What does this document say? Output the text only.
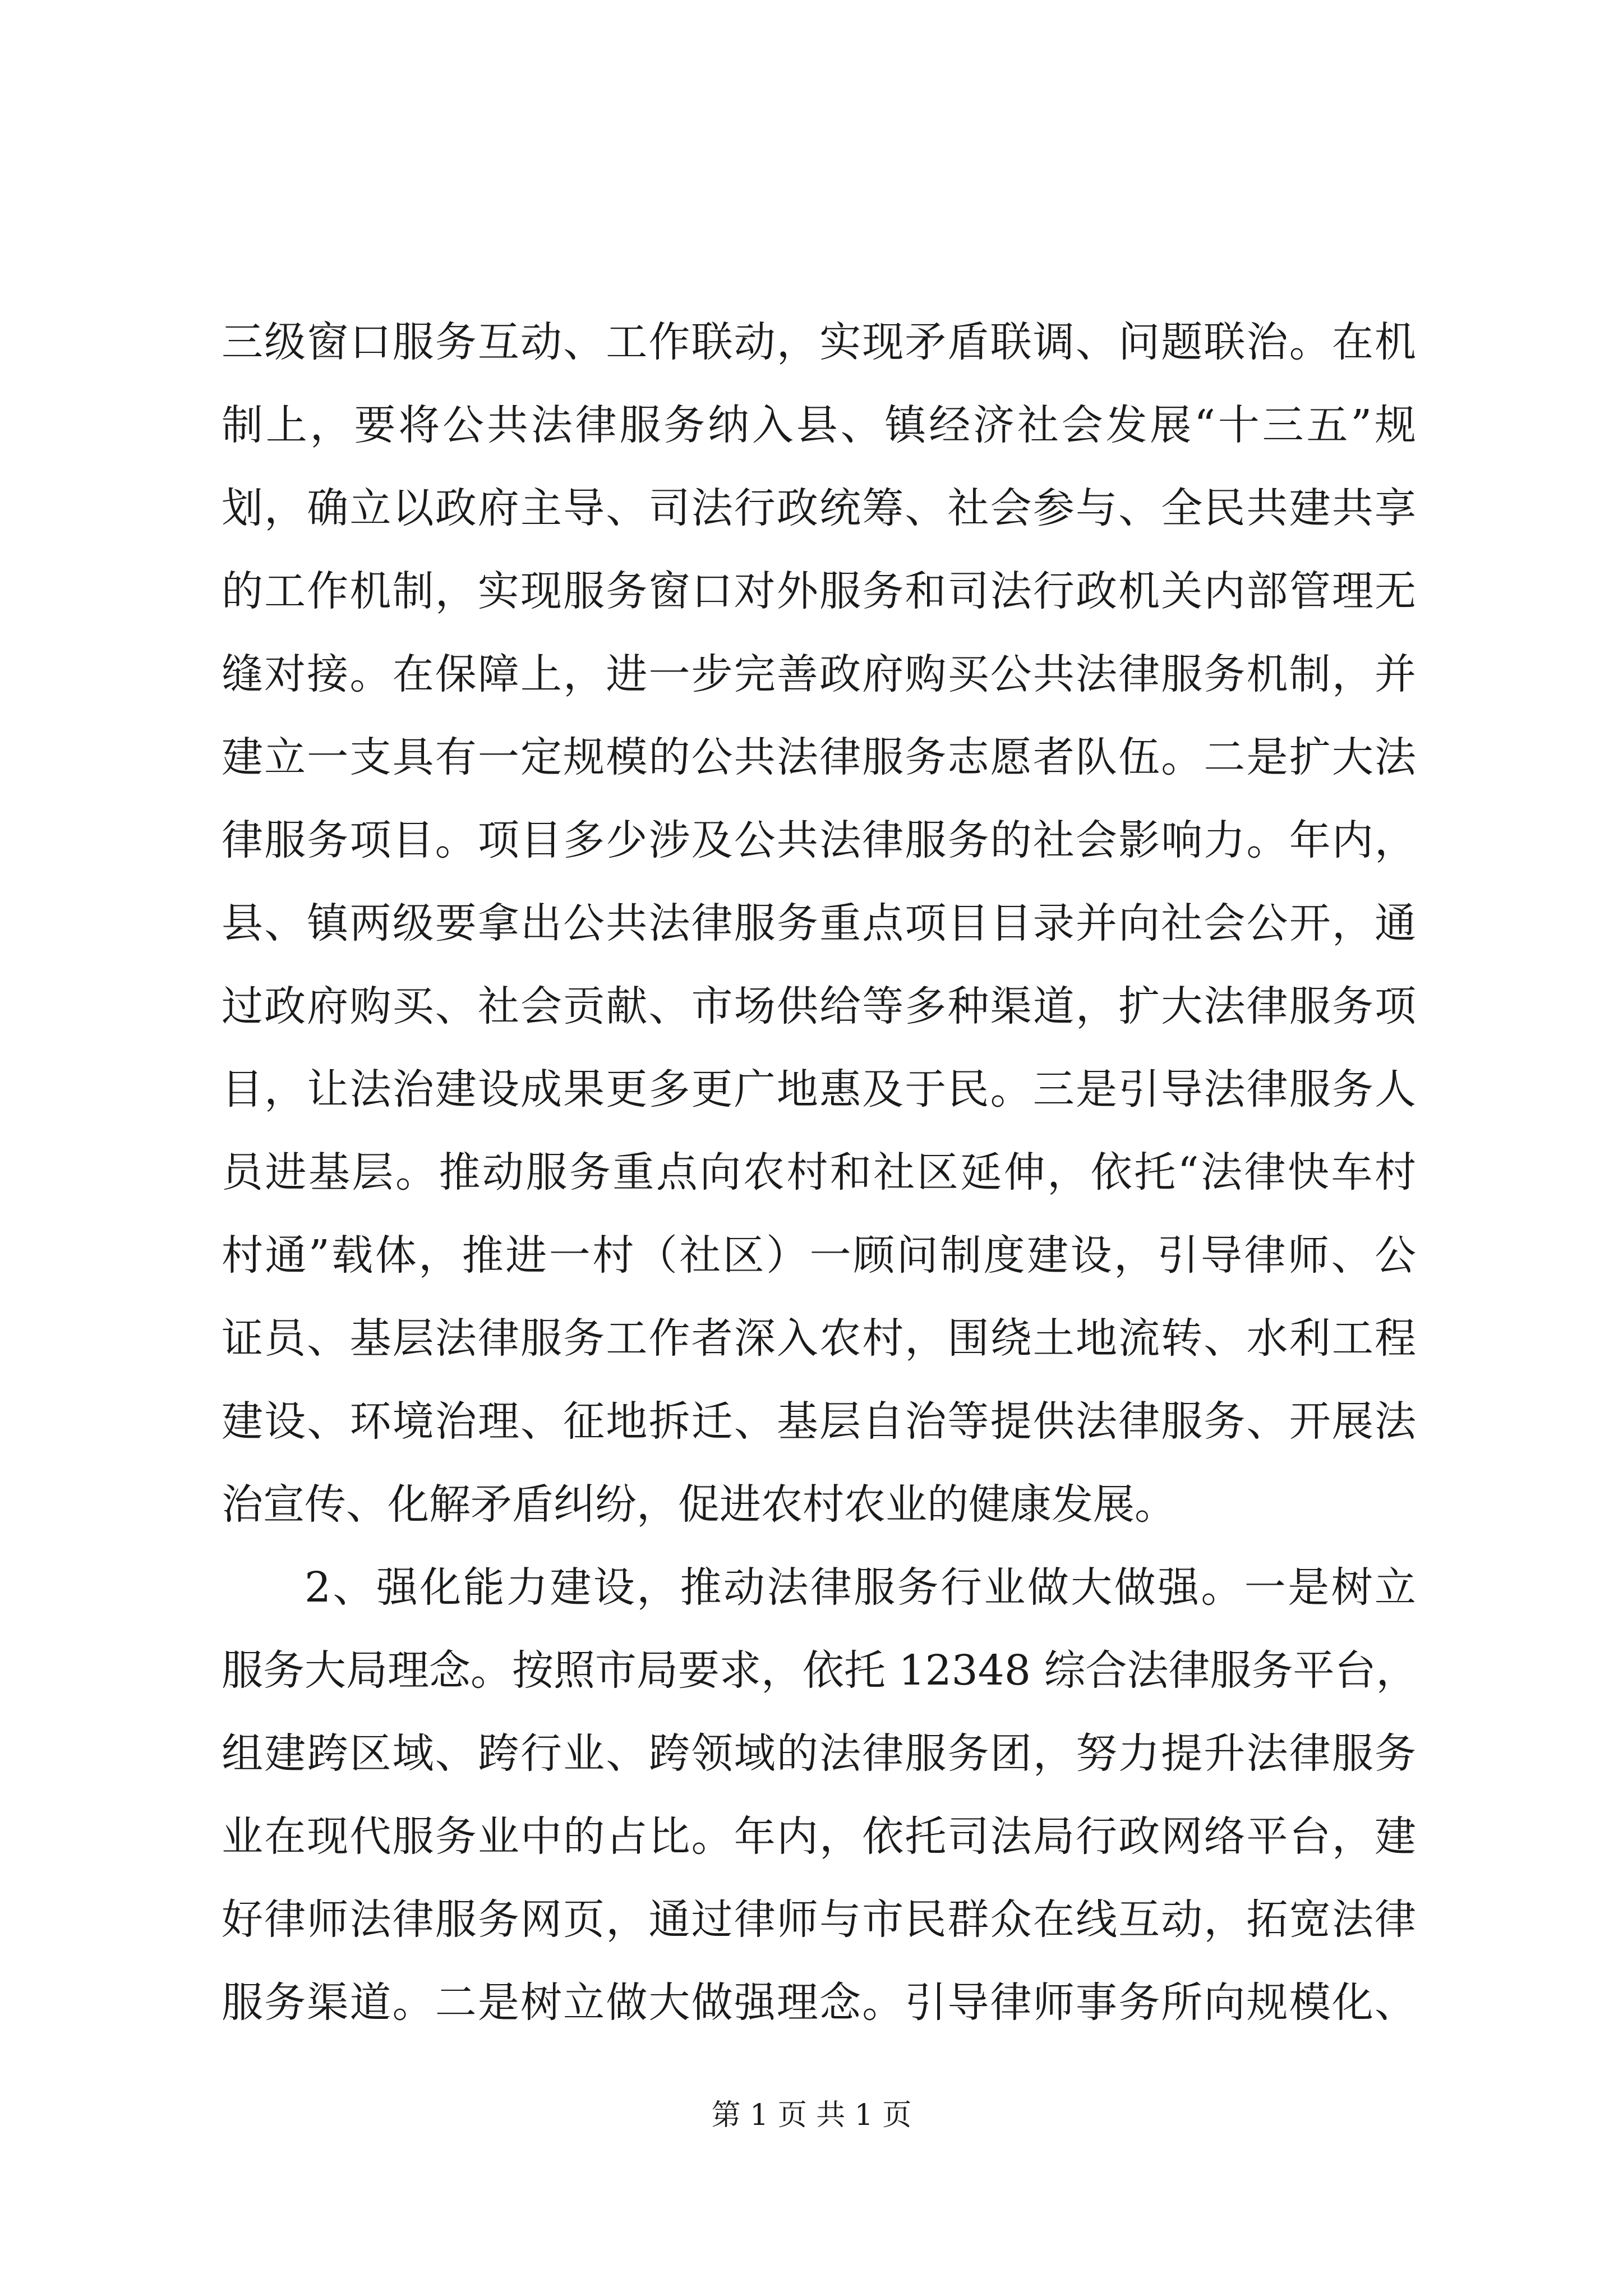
三级窗口服务互动、工作联动，实现矛盾联调、问题联治。在机
制上，要将公共法律服务纳入县、镇经济社会发展“十三五”规
划，确立以政府主导、司法行政统筹、社会参与、全民共建共享
的工作机制，实现服务窗口对外服务和司法行政机关内部管理无
缝对接。在保障上，进一步完善政府购买公共法律服务机制，并
建立一支具有一定规模的公共法律服务志愿者队伍。二是扩大法
律服务项目。项目多少涉及公共法律服务的社会影响力。年内，
县、镇两级要拿出公共法律服务重点项目目录并向社会公开，通
过政府购买、社会贡献、市场供给等多种渠道，扩大法律服务项
目，让法治建设成果更多更广地惠及于民。三是引导法律服务人
员进基层。推动服务重点向农村和社区延伸，依托“法律快车村
村通”载体，推进一村（社区）一顾问制度建设，引导律师、公
证员、基层法律服务工作者深入农村，围绕土地流转、水利工程
建设、环境治理、征地拆迁、基层自治等提供法律服务、开展法
治宣传、化解矛盾纠纷，促进农村农业的健康发展。
2、强化能力建设，推动法律服务行业做大做强。一是树立
服务大局理念。按照市局要求，依托 12348 综合法律服务平台，
组建跨区域、跨行业、跨领域的法律服务团，努力提升法律服务
业在现代服务业中的占比。年内，依托司法局行政网络平台，建
好律师法律服务网页，通过律师与市民群众在线互动，拓宽法律
服务渠道。二是树立做大做强理念。引导律师事务所向规模化、
第 1 页 共 1 页
